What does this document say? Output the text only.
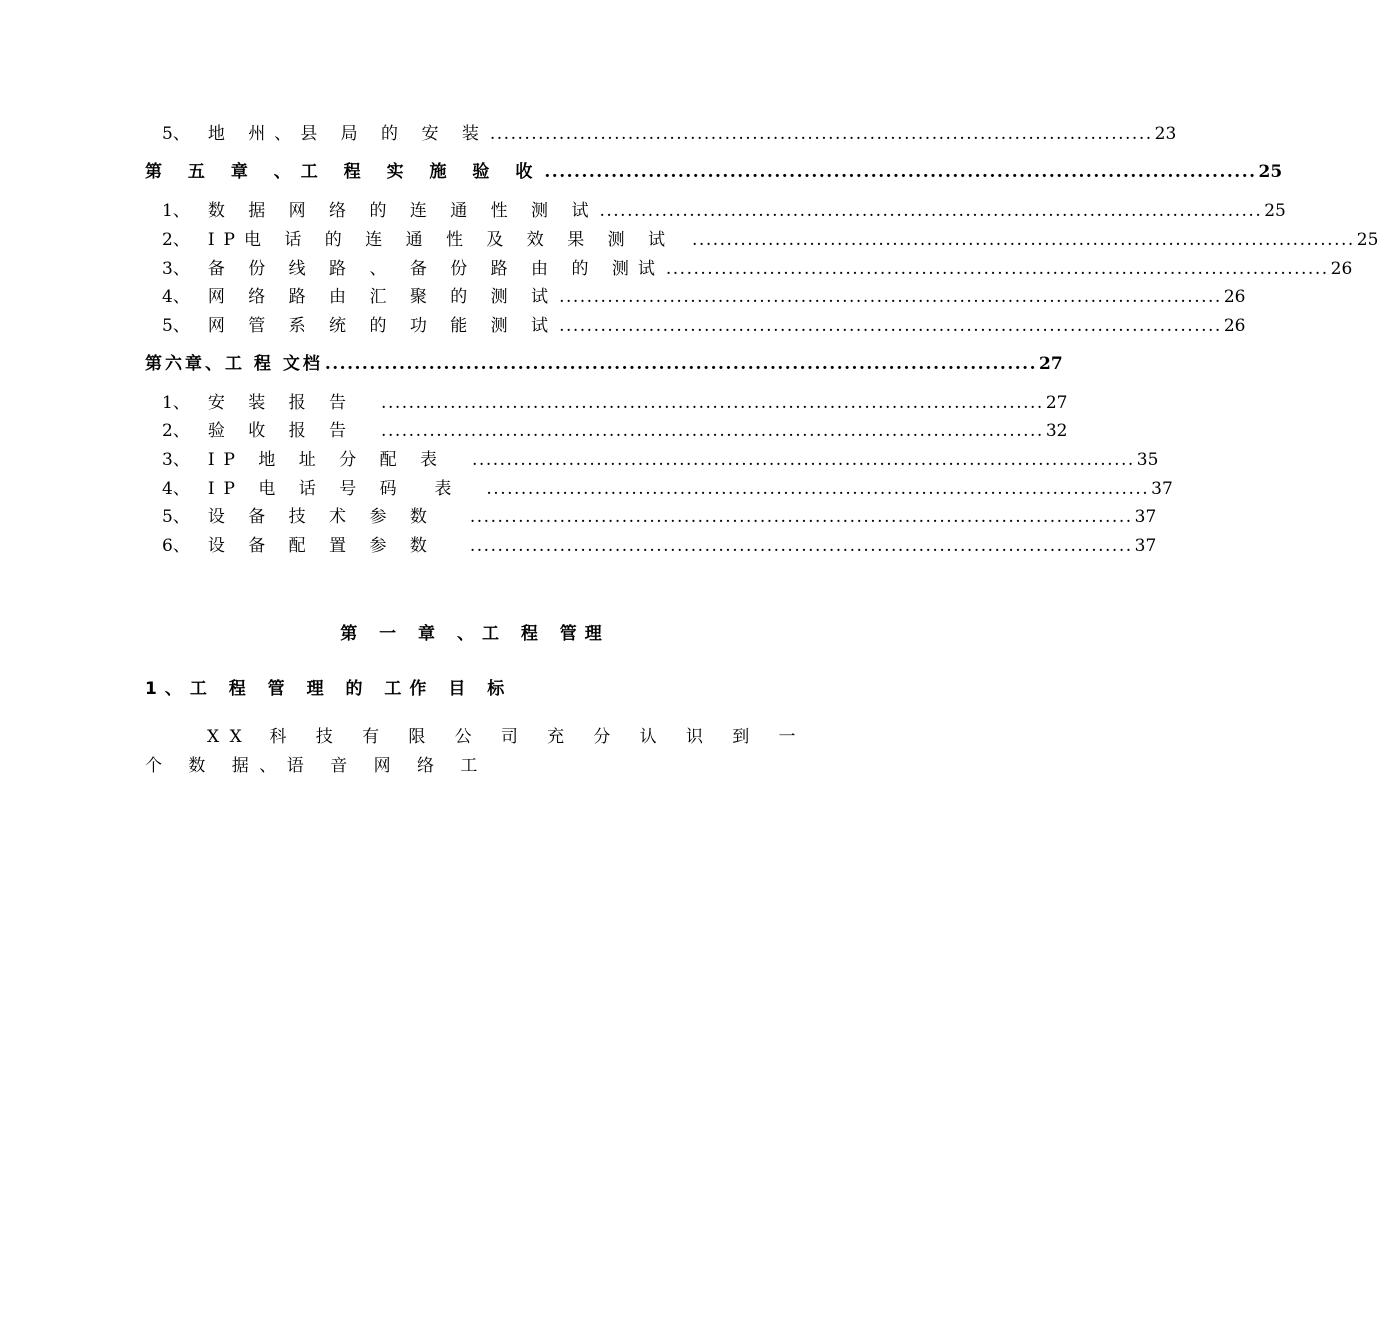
5、 地 州、县 局 的 安 装 ................................................................................................ 23
第 五 章 、工 程 实 施 验 收 ................................................................................................ 25
1、 数 据 网 络 的 连 通 性 测 试 ................................................................................................ 25
2、 IP电 话 的 连 通 性 及 效 果 测 试 ................................................................................................ 25
3、 备 份 线 路 、 备 份 路 由 的 测试 ................................................................................................ 26
4、 网 络 路 由 汇 聚 的 测 试 ................................................................................................ 26
5、 网 管 系 统 的 功 能 测 试 ................................................................................................ 26
第六章、工 程 文档 ................................................................................................ 27
1、 安 装 报 告 ................................................................................................ 27
2、 验 收 报 告 ................................................................................................ 32
3、 IP 地 址 分 配 表 ................................................................................................ 35
4、 IP 电 话 号 码  表 ................................................................................................ 37
5、 设 备 技 术 参 数 ................................................................................................ 37
6、 设 备 配 置 参 数 ................................................................................................ 37
第 一 章 、工 程 管理
1、工 程 管 理 的 工作 目 标
XX 科 技 有 限 公 司 充 分 认 识 到 一 个 数 据、语 音 网 络 工
